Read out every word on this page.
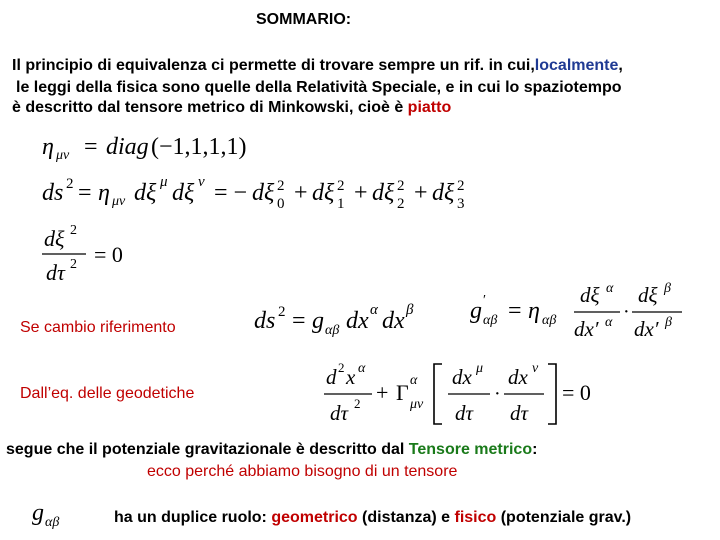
SOMMARIO:
Il principio di equivalenza ci permette di trovare sempre un rif. in cui,localmente,
le leggi della fisica sono quelle della Relatività Speciale, e in cui lo spaziotempo
è descritto dal tensore metrico di Minkowski, cioè è piatto
η μν = diag (−1,1,1,1)
ds 2 = η μν dξ μ dξ ν = − dξ 2
0 + dξ 2
1 + dξ 2
2 + dξ 2
3
dξ 2
dτ 2 = 0
Se cambio riferimento	ds 2 = g αβ dx α dx β g ′
αβ = η αβ
dξ α
dx′ α ·
dξ β
dx′ β
Dall’eq. delle geodetiche
d 2 x α
dτ 2 + Γ α
μν
dx μ
dτ
·
dx ν
dτ
= 0
segue che il potenziale gravitazionale è descritto dal Tensore metrico:
ecco perché abbiamo bisogno di un tensore
g αβ	ha un duplice ruolo: geometrico (distanza) e fisico (potenziale grav.)
